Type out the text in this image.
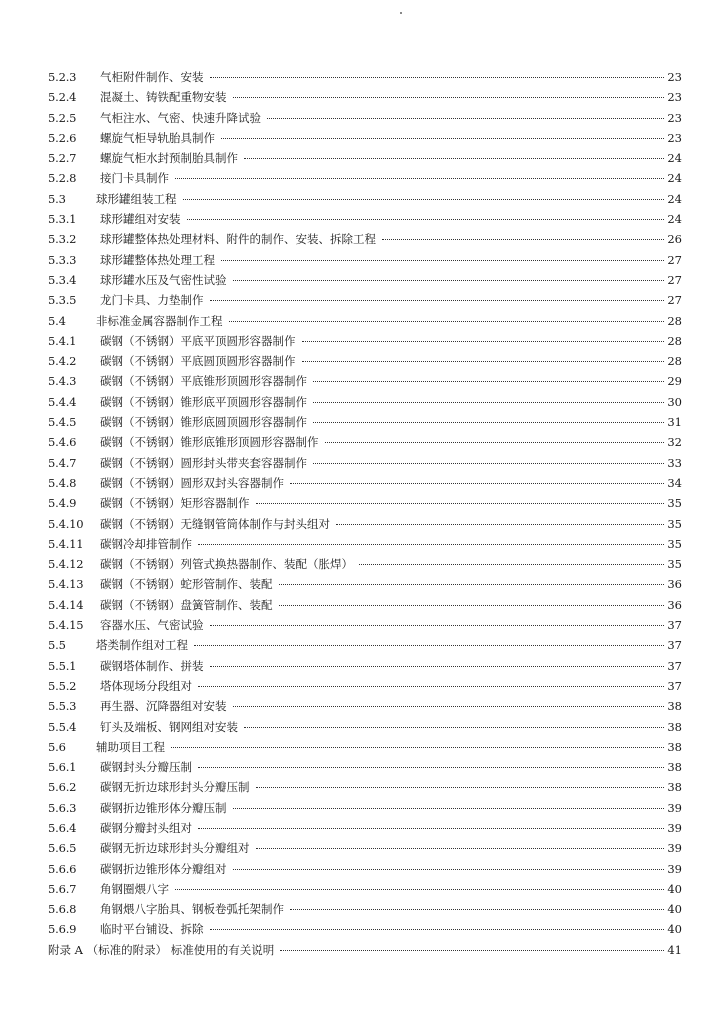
5.2.3	气柜附件制作、安装	23
5.2.4	混凝土、铸铁配重物安装	23
5.2.5	气柜注水、气密、快速升降试验	23
5.2.6	螺旋气柜导轨胎具制作	23
5.2.7	螺旋气柜水封预制胎具制作	24
5.2.8	接门卡具制作	24
5.3	球形罐组装工程	24
5.3.1	球形罐组对安装	24
5.3.2	球形罐整体热处理材料、附件的制作、安装、拆除工程	26
5.3.3	球形罐整体热处理工程	27
5.3.4	球形罐水压及气密性试验	27
5.3.5	龙门卡具、力垫制作	27
5.4	非标准金属容器制作工程	28
5.4.1	碳钢（不锈钢）平底平顶圆形容器制作	28
5.4.2	碳钢（不锈钢）平底圆顶圆形容器制作	28
5.4.3	碳钢（不锈钢）平底锥形顶圆形容器制作	29
5.4.4	碳钢（不锈钢）锥形底平顶圆形容器制作	30
5.4.5	碳钢（不锈钢）锥形底圆顶圆形容器制作	31
5.4.6	碳钢（不锈钢）锥形底锥形顶圆形容器制作	32
5.4.7	碳钢（不锈钢）圆形封头带夹套容器制作	33
5.4.8	碳钢（不锈钢）圆形双封头容器制作	34
5.4.9	碳钢（不锈钢）矩形容器制作	35
5.4.10	碳钢（不锈钢）无缝钢管筒体制作与封头组对	35
5.4.11	碳钢冷却排管制作	35
5.4.12	碳钢（不锈钢）列管式换热器制作、装配（胀焊）	35
5.4.13	碳钢（不锈钢）蛇形管制作、装配	36
5.4.14	碳钢（不锈钢）盘簧管制作、装配	36
5.4.15	容器水压、气密试验	37
5.5	塔类制作组对工程	37
5.5.1	碳钢塔体制作、拼装	37
5.5.2	塔体现场分段组对	37
5.5.3	再生器、沉降器组对安装	38
5.5.4	钉头及端板、钢网组对安装	38
5.6	辅助项目工程	38
5.6.1	碳钢封头分瓣压制	38
5.6.2	碳钢无折边球形封头分瓣压制	38
5.6.3	碳钢折边锥形体分瓣压制	39
5.6.4	碳钢分瓣封头组对	39
5.6.5	碳钢无折边球形封头分瓣组对	39
5.6.6	碳钢折边锥形体分瓣组对	39
5.6.7	角钢圈煨八字	40
5.6.8	角钢煨八字胎具、钢板卷弧托架制作	40
5.6.9	临时平台铺设、拆除	40
附录 A （标准的附录） 标准使用的有关说明	41
